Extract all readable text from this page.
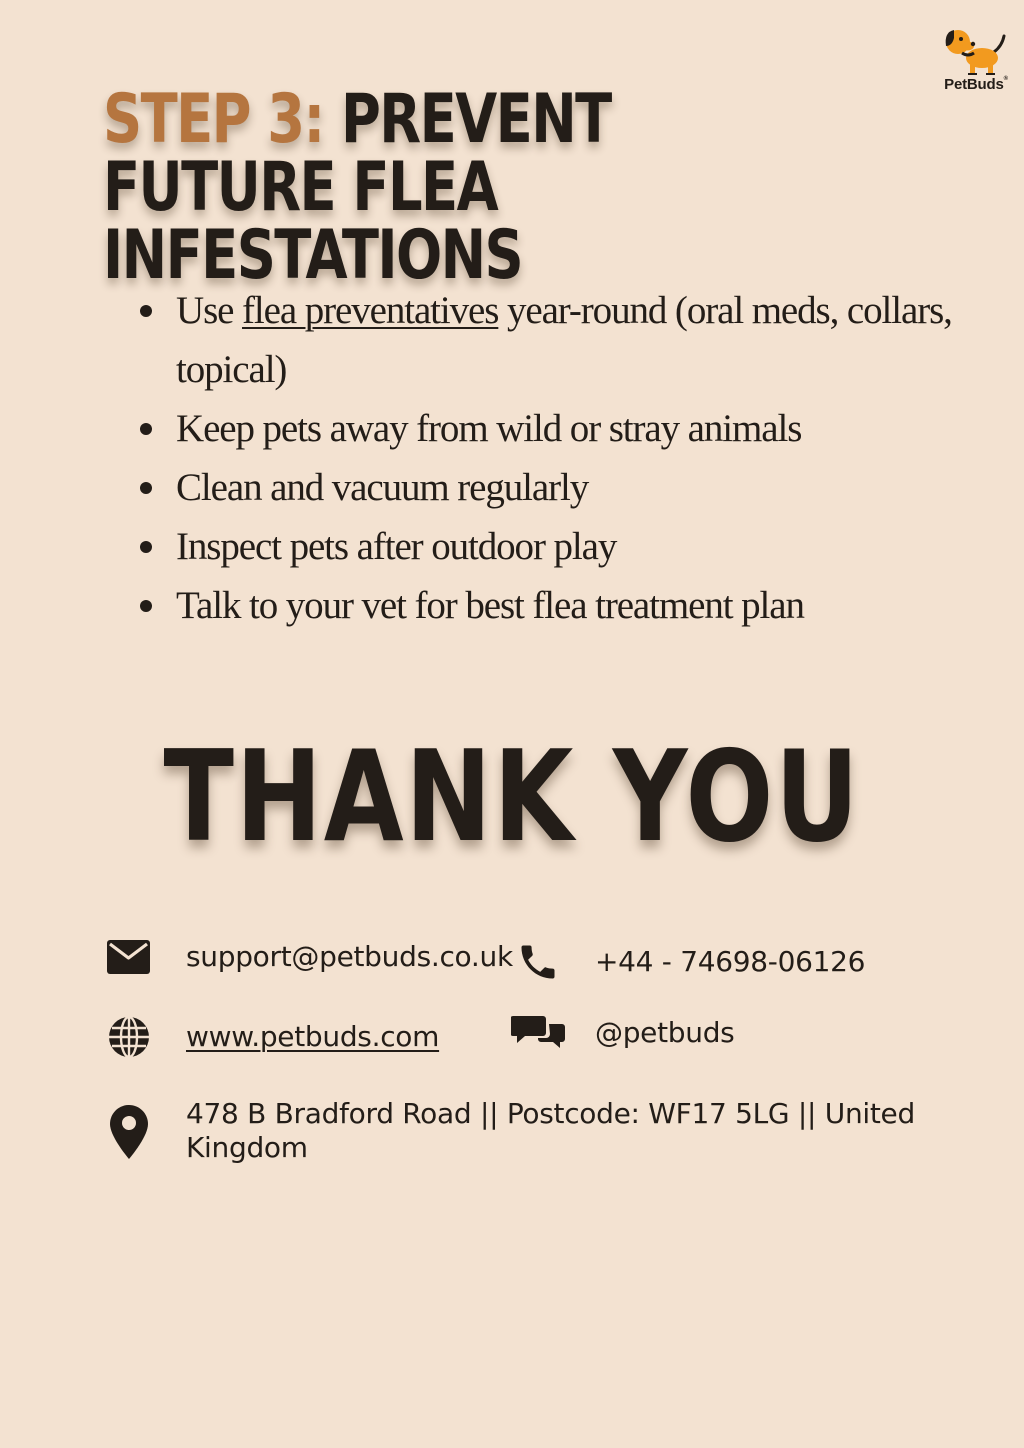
PetBuds®
STEP 3: PREVENT FUTURE FLEA INFESTATIONS
Use flea preventatives year-round (oral meds, collars, topical)
Keep pets away from wild or stray animals
Clean and vacuum regularly
Inspect pets after outdoor play
Talk to your vet for best flea treatment plan
THANK YOU
support@petbuds.co.uk	+44 - 74698-06126
www.petbuds.com	@petbuds
478 B Bradford Road || Postcode: WF17 5LG || United Kingdom
